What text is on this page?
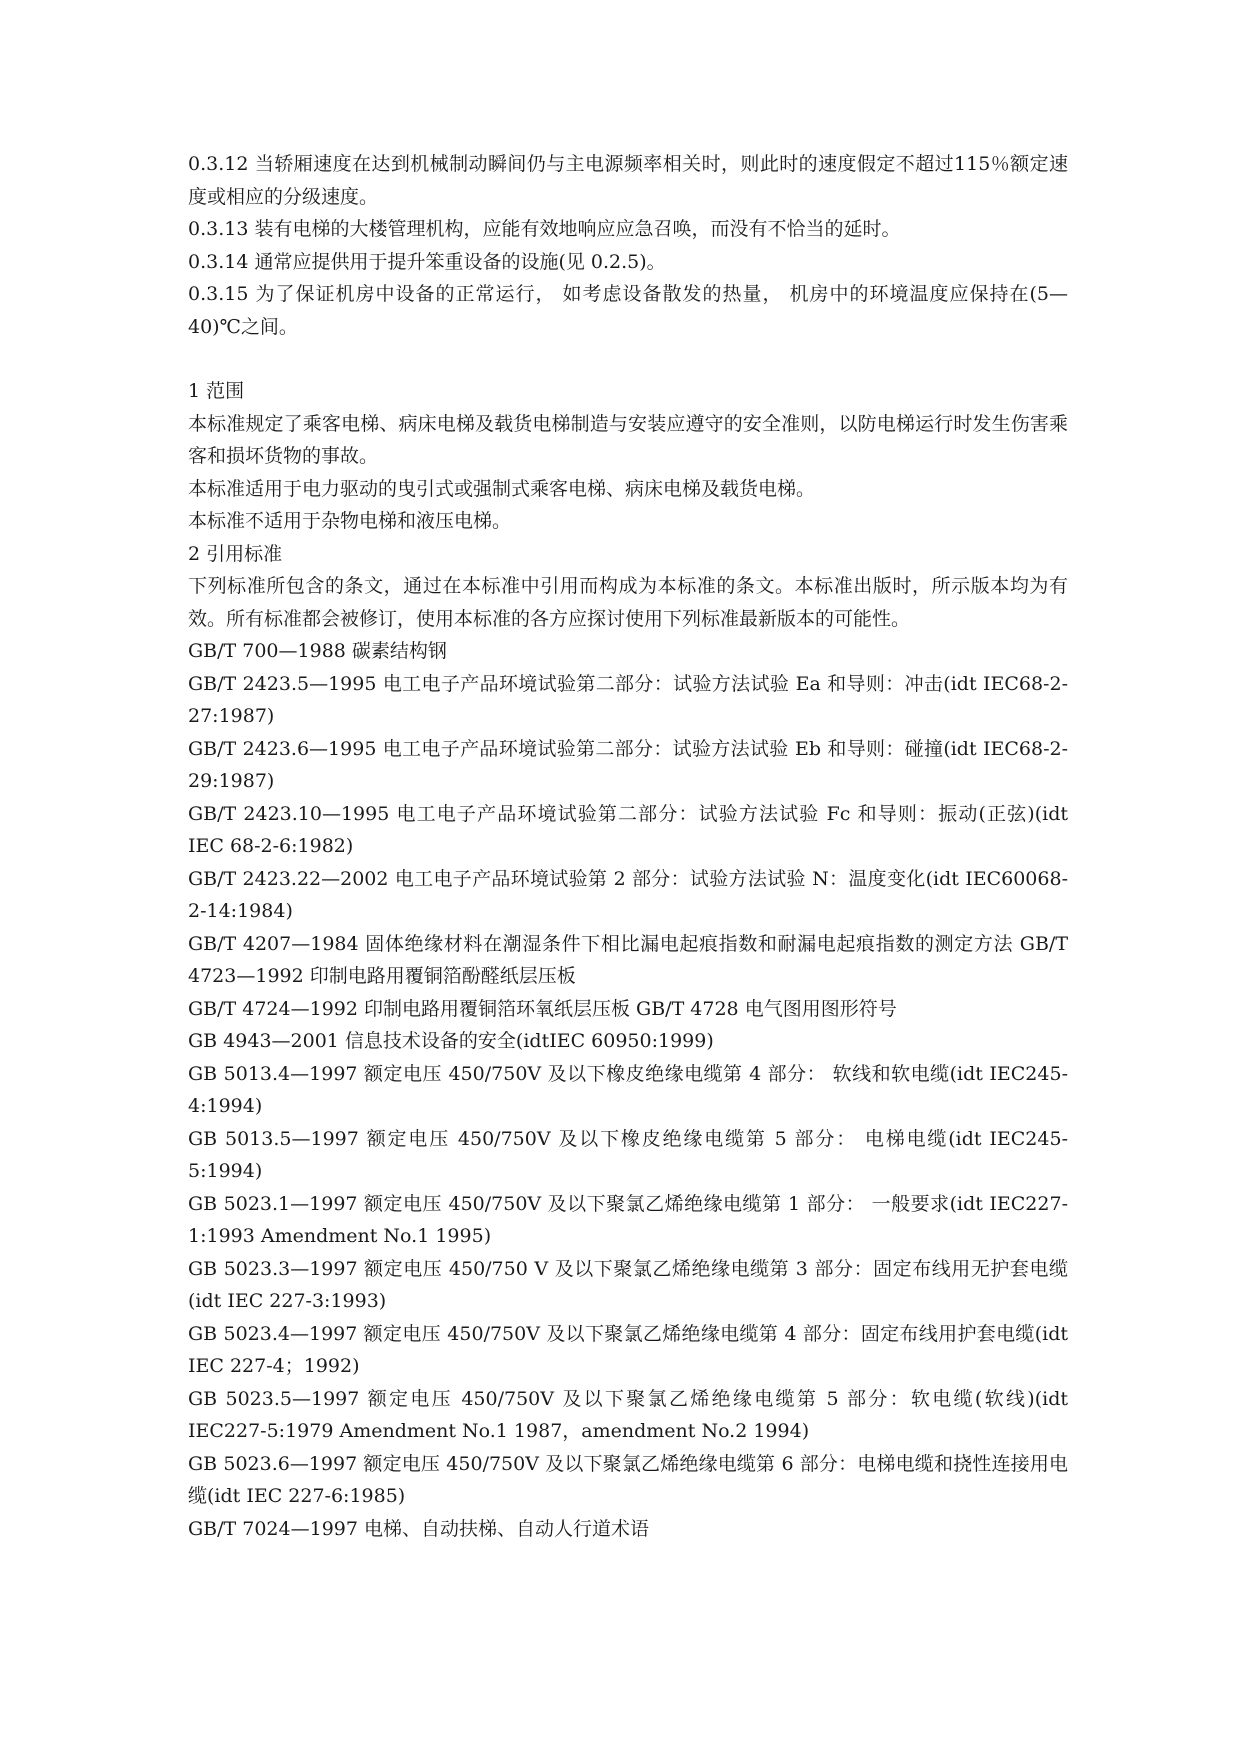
0.3.12 当轿厢速度在达到机械制动瞬间仍与主电源频率相关时，则此时的速度假定不超过115％额定速度或相应的分级速度。

0.3.13 装有电梯的大楼管理机构，应能有效地响应应急召唤，而没有不恰当的延时。

0.3.14 通常应提供用于提升笨重设备的设施(见 0.2.5)。

0.3.15 为了保证机房中设备的正常运行， 如考虑设备散发的热量， 机房中的环境温度应保持在(5—40)℃之间。

1 范围

本标准规定了乘客电梯、病床电梯及载货电梯制造与安装应遵守的安全准则，以防电梯运行时发生伤害乘客和损坏货物的事故。

本标准适用于电力驱动的曳引式或强制式乘客电梯、病床电梯及载货电梯。

本标准不适用于杂物电梯和液压电梯。

2 引用标准

下列标准所包含的条文，通过在本标准中引用而构成为本标准的条文。本标准出版时，所示版本均为有效。所有标准都会被修订，使用本标准的各方应探讨使用下列标准最新版本的可能性。

GB/T 700—1988 碳素结构钢

GB/T 2423.5—1995 电工电子产品环境试验第二部分：试验方法试验 Ea 和导则：冲击(idt IEC68-2-27:1987)

GB/T 2423.6—1995 电工电子产品环境试验第二部分：试验方法试验 Eb 和导则：碰撞(idt IEC68-2-29:1987)

GB/T 2423.10—1995 电工电子产品环境试验第二部分：试验方法试验 Fc 和导则：振动(正弦)(idt IEC 68-2-6:1982)

GB/T 2423.22—2002 电工电子产品环境试验第 2 部分：试验方法试验 N：温度变化(idt IEC60068-2-14:1984)

GB/T 4207—1984 固体绝缘材料在潮湿条件下相比漏电起痕指数和耐漏电起痕指数的测定方法 GB/T 4723—1992 印制电路用覆铜箔酚醛纸层压板

GB/T 4724—1992 印制电路用覆铜箔环氧纸层压板 GB/T 4728 电气图用图形符号

GB 4943—2001 信息技术设备的安全(idtIEC 60950:1999)

GB 5013.4—1997 额定电压 450/750V 及以下橡皮绝缘电缆第 4 部分： 软线和软电缆(idt IEC245-4:1994)

GB 5013.5—1997 额定电压 450/750V 及以下橡皮绝缘电缆第 5 部分： 电梯电缆(idt IEC245-5:1994)

GB 5023.1—1997 额定电压 450/750V 及以下聚氯乙烯绝缘电缆第 1 部分： 一般要求(idt IEC227-1:1993 Amendment No.1 1995)

GB 5023.3—1997 额定电压 450/750 V 及以下聚氯乙烯绝缘电缆第 3 部分：固定布线用无护套电缆(idt IEC 227-3:1993)

GB 5023.4—1997 额定电压 450/750V 及以下聚氯乙烯绝缘电缆第 4 部分：固定布线用护套电缆(idt IEC 227-4；1992)

GB 5023.5—1997 额定电压 450/750V 及以下聚氯乙烯绝缘电缆第 5 部分：软电缆(软线)(idt IEC227-5:1979 Amendment No.1 1987，amendment No.2 1994)

GB 5023.6—1997 额定电压 450/750V 及以下聚氯乙烯绝缘电缆第 6 部分：电梯电缆和挠性连接用电缆(idt IEC 227-6:1985)

GB/T 7024—1997 电梯、自动扶梯、自动人行道术语
